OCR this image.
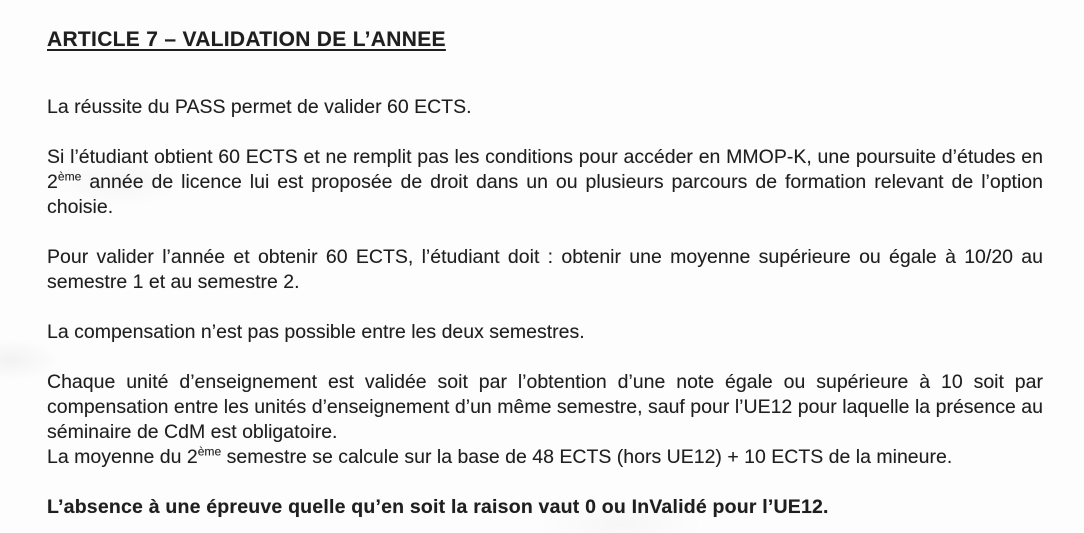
ARTICLE 7 – VALIDATION DE L’ANNEE

La réussite du PASS permet de valider 60 ECTS.

Si l’étudiant obtient 60 ECTS et ne remplit pas les conditions pour accéder en MMOP-K, une poursuite d’études en 2ème année de licence lui est proposée de droit dans un ou plusieurs parcours de formation relevant de l’option choisie.

Pour valider l’année et obtenir 60 ECTS, l’étudiant doit : obtenir une moyenne supérieure ou égale à 10/20 au semestre 1 et au semestre 2.

La compensation n’est pas possible entre les deux semestres.

Chaque unité d’enseignement est validée soit par l’obtention d’une note égale ou supérieure à 10 soit par compensation entre les unités d’enseignement d’un même semestre, sauf pour l’UE12 pour laquelle la présence au séminaire de CdM est obligatoire.
La moyenne du 2ème semestre se calcule sur la base de 48 ECTS (hors UE12) + 10 ECTS de la mineure.

L’absence à une épreuve quelle qu’en soit la raison vaut 0 ou InValidé pour l’UE12.
